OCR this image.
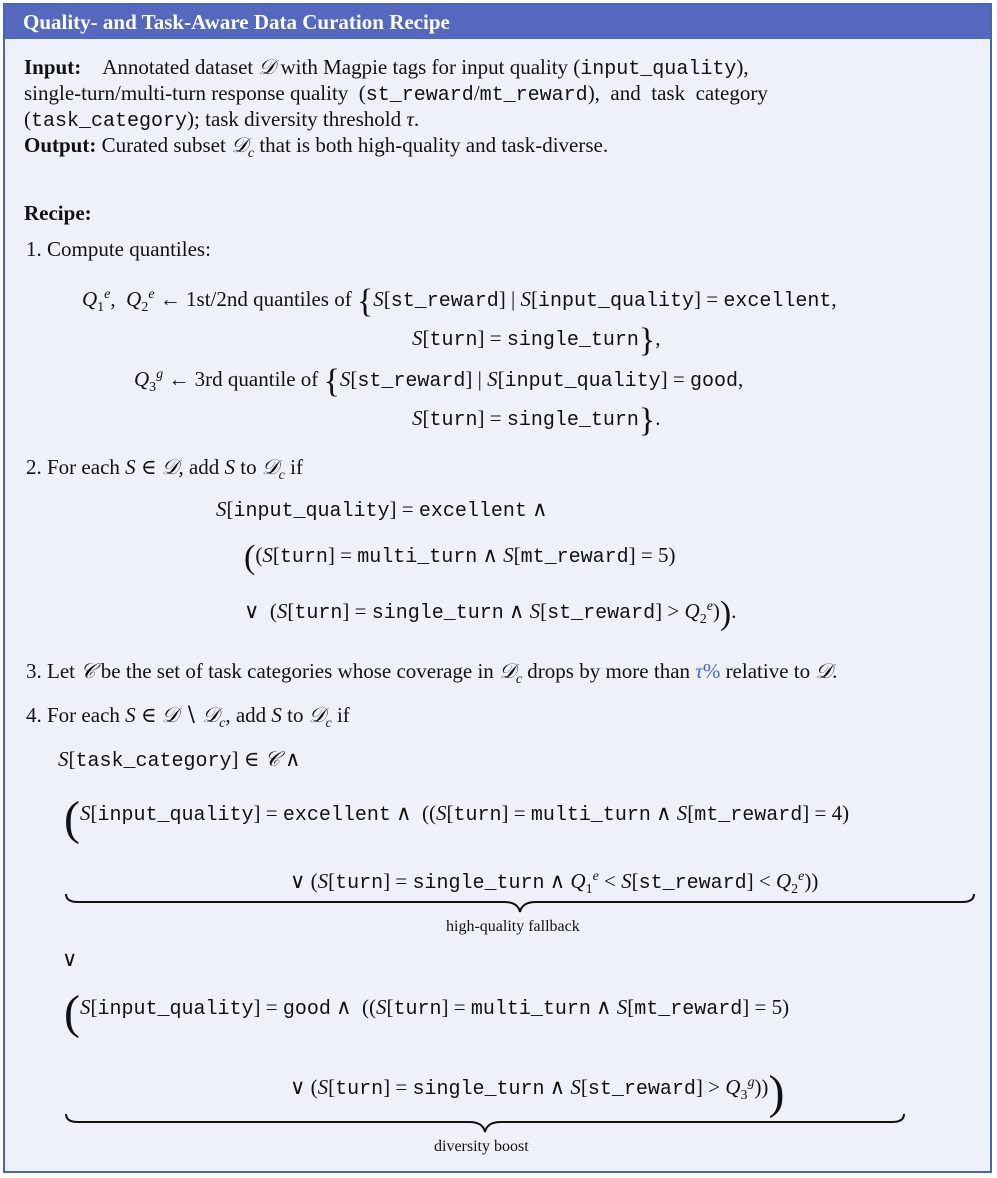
Quality- and Task-Aware Data Curation Recipe
Input: Annotated dataset 𝒟 with Magpie tags for input quality (input_quality),
single-turn/multi-turn response quality  (st_reward/mt_reward),  and  task  category
(task_category); task diversity threshold τ.
Output: Curated subset 𝒟$_c$ that is both high-quality and task-diverse.
Recipe:
1. Compute quantiles:
$Q_1^e$,  $Q_2^e$ ← 1st/2nd quantiles of {S[st_reward] | S[input_quality] = excellent,
S[turn] = single_turn},
$Q_3^g$ ← 3rd quantile of {S[st_reward] | S[input_quality] = good,
S[turn] = single_turn}.
2. For each S ∈ 𝒟, add S to 𝒟$_c$ if
S[input_quality] = excellent ∧
((S[turn] = multi_turn ∧ S[mt_reward] = 5)
∨  (S[turn] = single_turn ∧ S[st_reward] > $Q_2^e$)).
3. Let 𝒞 be the set of task categories whose coverage in 𝒟$_c$ drops by more than τ% relative to 𝒟.
4. For each S ∈ 𝒟 ∖ 𝒟$_c$, add S to 𝒟$_c$ if
S[task_category] ∈ 𝒞 ∧
(S[input_quality] = excellent ∧  ((S[turn] = multi_turn ∧ S[mt_reward] = 4)
∨ (S[turn] = single_turn ∧ $Q_1^e$ < S[st_reward] < $Q_2^e$))
high-quality fallback
∨
(S[input_quality] = good ∧  ((S[turn] = multi_turn ∧ S[mt_reward] = 5)
∨ (S[turn] = single_turn ∧ S[st_reward] > $Q_3^g$)))
diversity boost
